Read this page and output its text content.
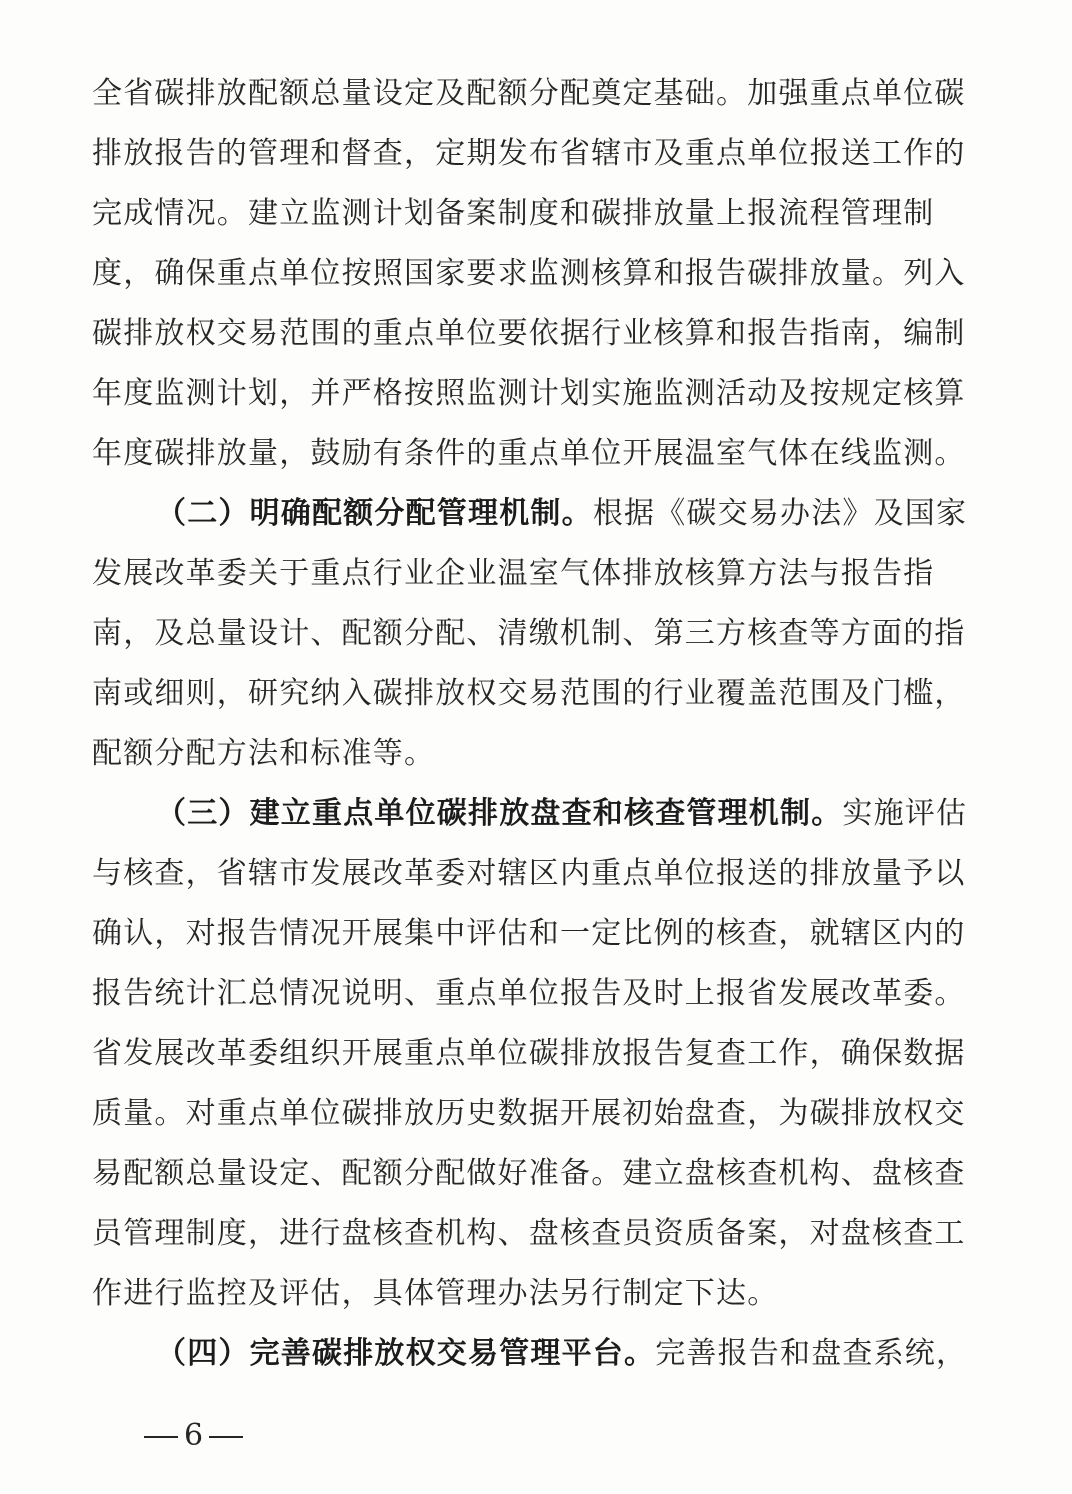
全省碳排放配额总量设定及配额分配奠定基础。加强重点单位碳
排放报告的管理和督查，定期发布省辖市及重点单位报送工作的
完成情况。建立监测计划备案制度和碳排放量上报流程管理制
度，确保重点单位按照国家要求监测核算和报告碳排放量。列入
碳排放权交易范围的重点单位要依据行业核算和报告指南，编制
年度监测计划，并严格按照监测计划实施监测活动及按规定核算
年度碳排放量，鼓励有条件的重点单位开展温室气体在线监测。
（二）明确配额分配管理机制。根据《碳交易办法》及国家
发展改革委关于重点行业企业温室气体排放核算方法与报告指
南，及总量设计、配额分配、清缴机制、第三方核查等方面的指
南或细则，研究纳入碳排放权交易范围的行业覆盖范围及门槛，
配额分配方法和标准等。
（三）建立重点单位碳排放盘查和核查管理机制。实施评估
与核查，省辖市发展改革委对辖区内重点单位报送的排放量予以
确认，对报告情况开展集中评估和一定比例的核查，就辖区内的
报告统计汇总情况说明、重点单位报告及时上报省发展改革委。
省发展改革委组织开展重点单位碳排放报告复查工作，确保数据
质量。对重点单位碳排放历史数据开展初始盘查，为碳排放权交
易配额总量设定、配额分配做好准备。建立盘核查机构、盘核查
员管理制度，进行盘核查机构、盘核查员资质备案，对盘核查工
作进行监控及评估，具体管理办法另行制定下达。
（四）完善碳排放权交易管理平台。完善报告和盘查系统，
6
